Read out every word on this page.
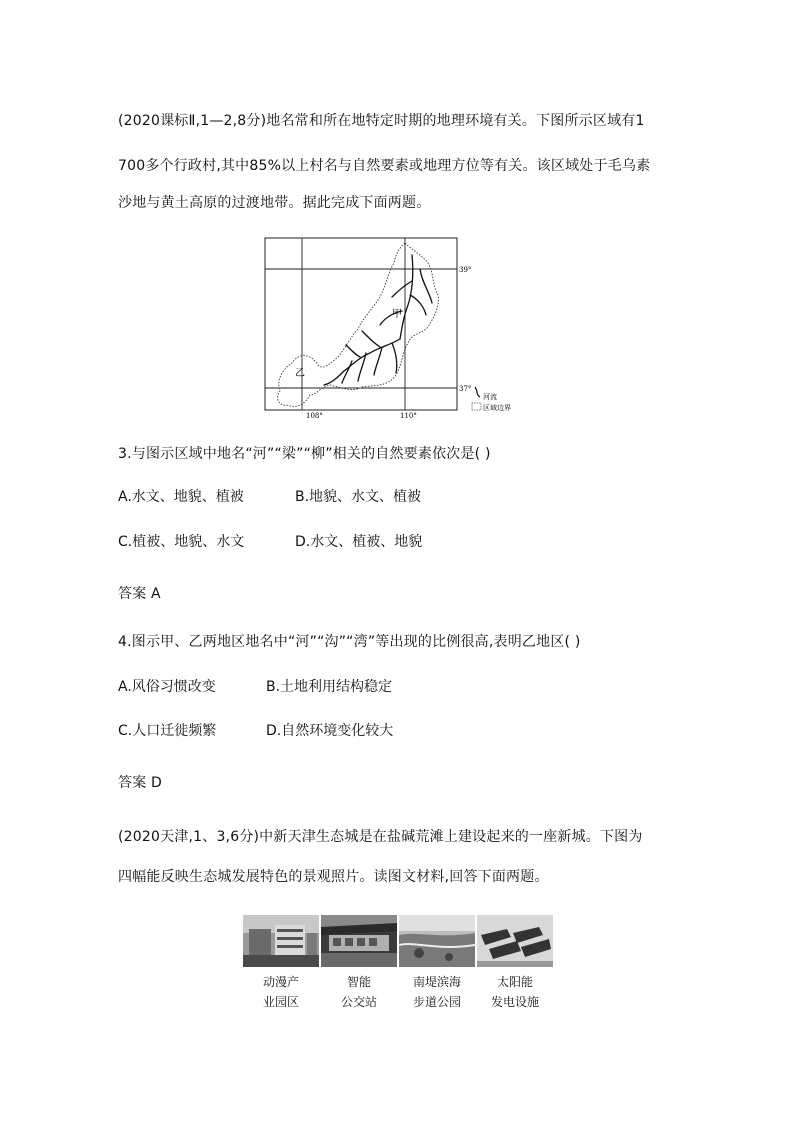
(2020课标Ⅱ,1—2,8分)地名常和所在地特定时期的地理环境有关。下图所示区域有1
700多个行政村,其中85%以上村名与自然要素或地理方位等有关。该区域处于毛乌素
沙地与黄土高原的过渡地带。据此完成下面两题。
甲
乙
39°
37°
108°	110°
河流
区域边界
3.与图示区域中地名“河”“梁”“柳”相关的自然要素依次是( )
A.水文、地貌、植被	B.地貌、水文、植被
C.植被、地貌、水文	D.水文、植被、地貌
答案 A
4.图示甲、乙两地区地名中“河”“沟”“湾”等出现的比例很高,表明乙地区( )
A.风俗习惯改变	B.土地利用结构稳定
C.人口迁徙频繁	D.自然环境变化较大
答案 D
(2020天津,1、3,6分)中新天津生态城是在盐碱荒滩上建设起来的一座新城。下图为
四幅能反映生态城发展特色的景观照片。读图文材料,回答下面两题。
动漫产
业园区
智能
公交站
南堤滨海
步道公园
太阳能
发电设施
